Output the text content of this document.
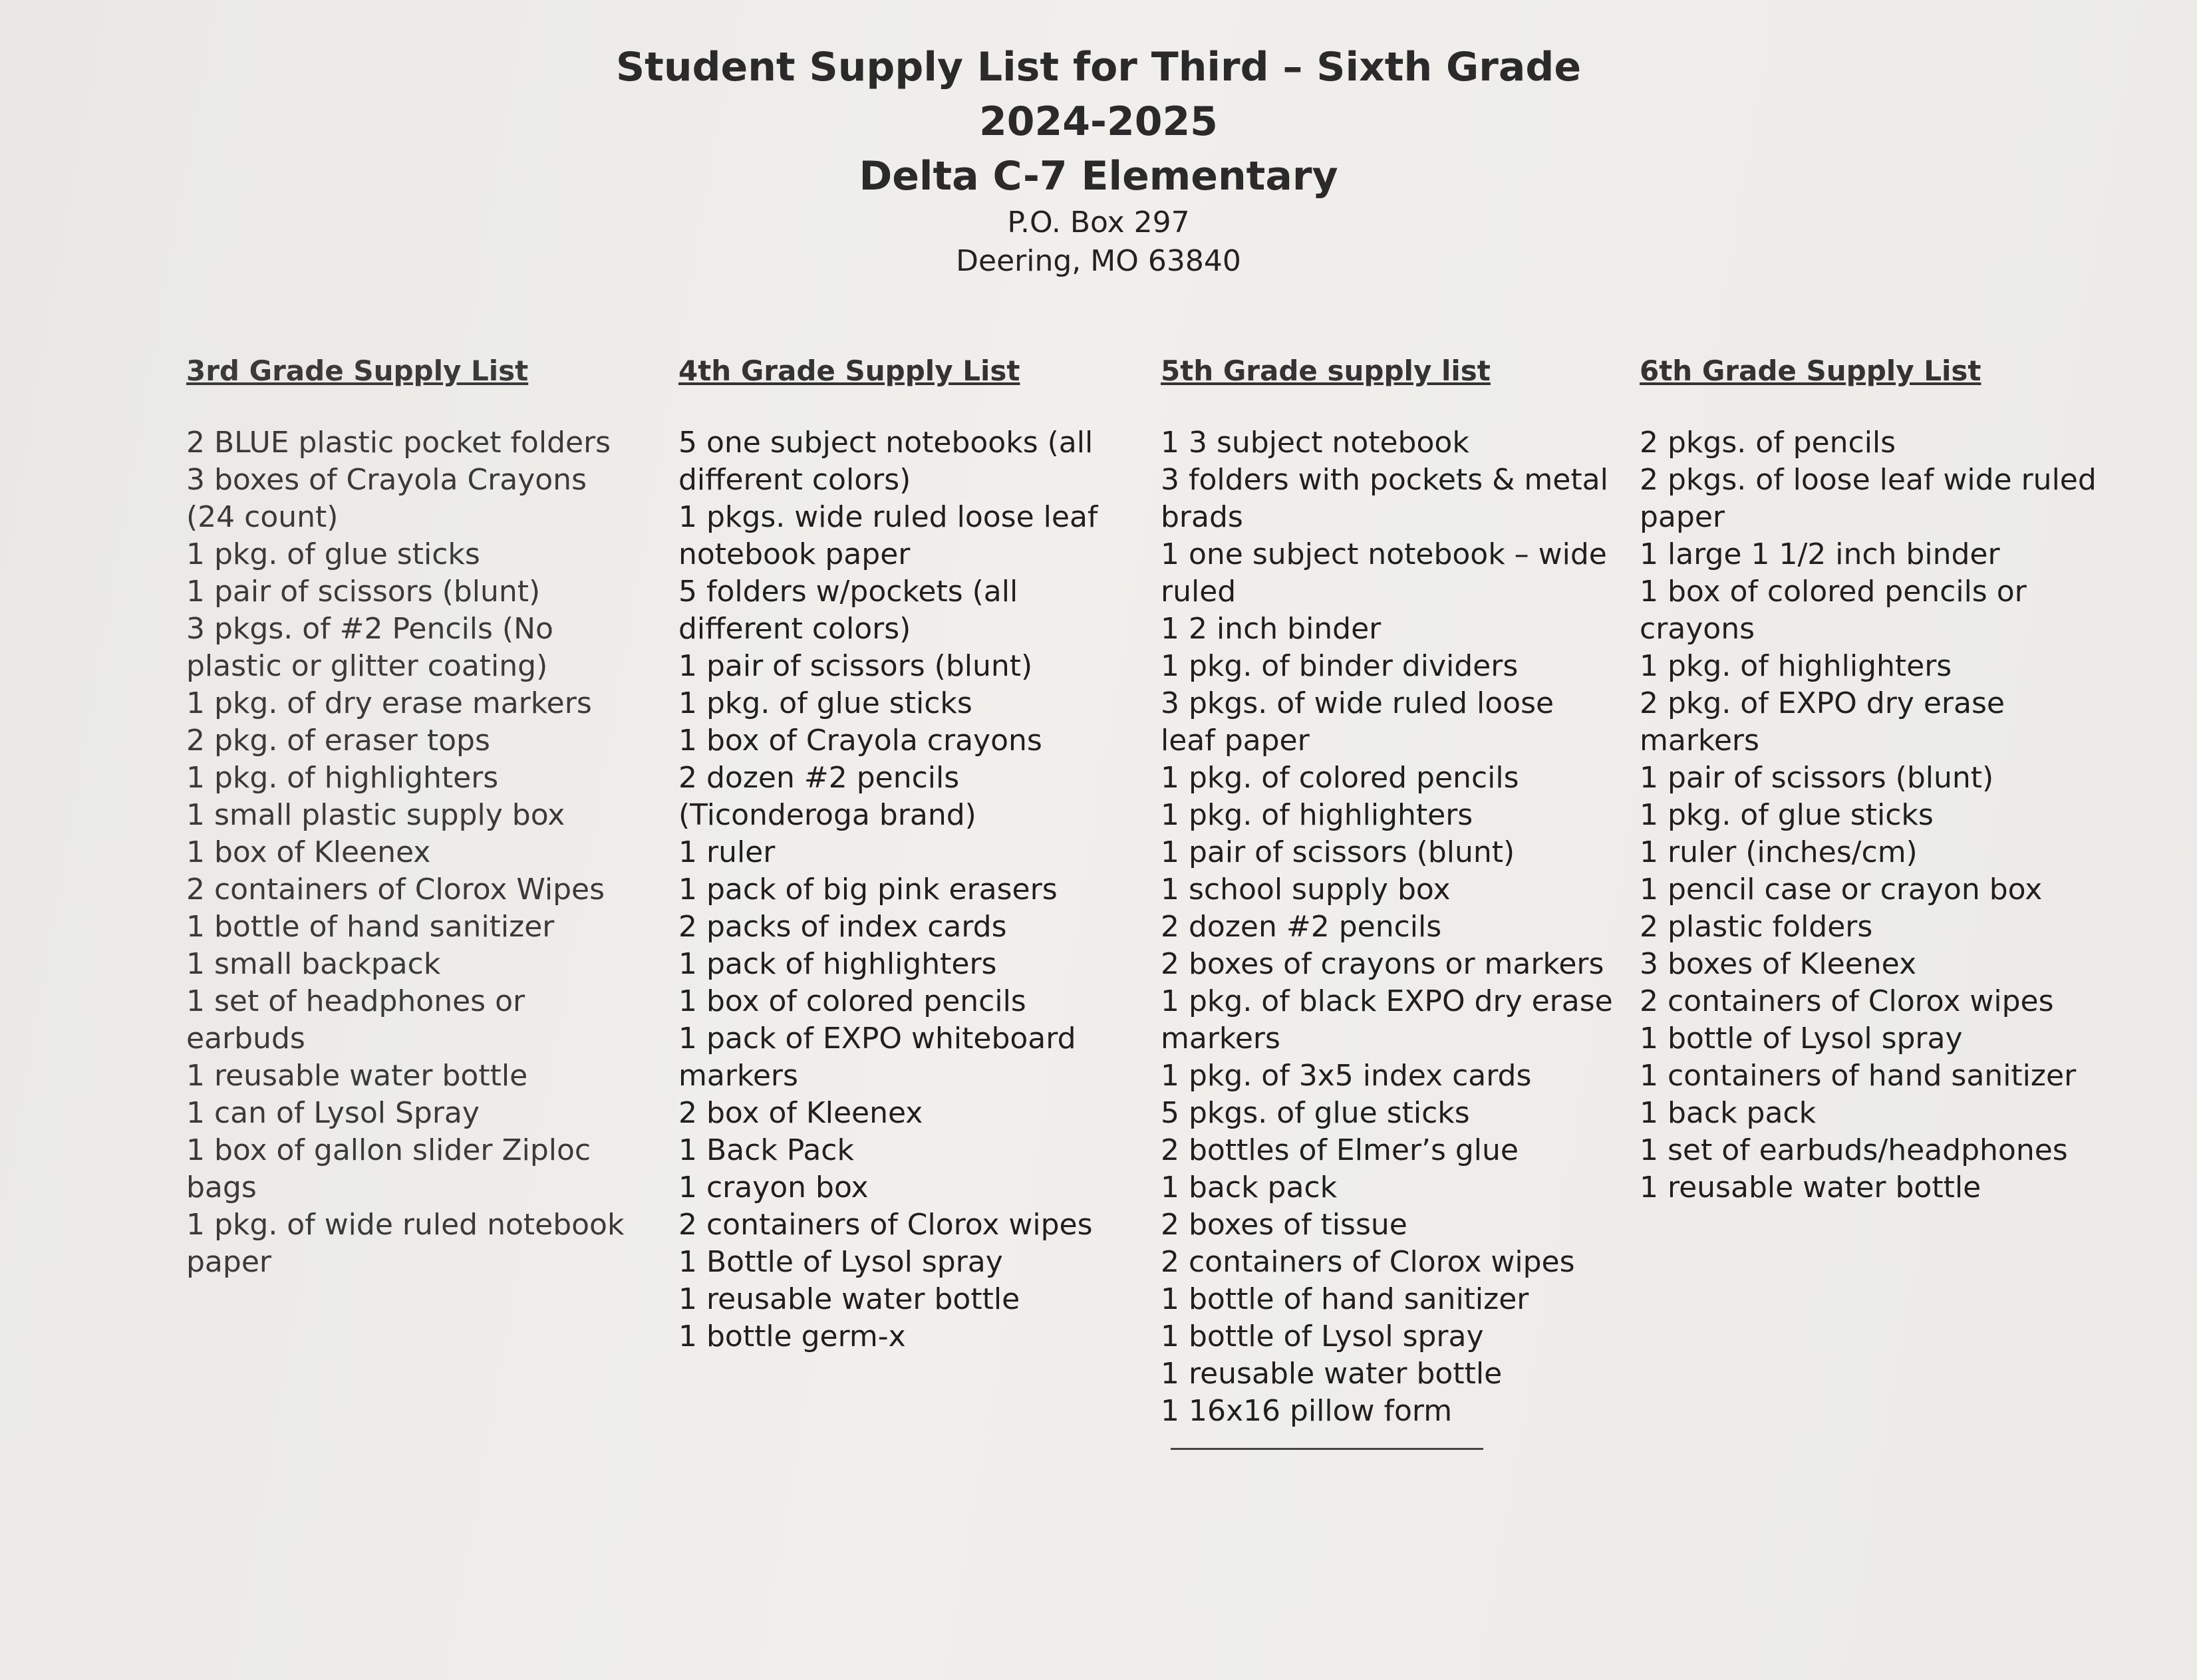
Student Supply List for Third – Sixth Grade
2024-2025
Delta C-7 Elementary
P.O. Box 297
Deering, MO 63840
3rd Grade Supply List
2 BLUE plastic pocket folders
3 boxes of Crayola Crayons (24 count)
1 pkg. of glue sticks
1 pair of scissors (blunt)
3 pkgs. of #2 Pencils (No plastic or glitter coating)
1 pkg. of dry erase markers
2 pkg. of eraser tops
1 pkg. of highlighters
1 small plastic supply box
1 box of Kleenex
2 containers of Clorox Wipes
1 bottle of hand sanitizer
1 small backpack
1 set of headphones or earbuds
1 reusable water bottle
1 can of Lysol Spray
1 box of gallon slider Ziploc bags
1 pkg. of wide ruled notebook paper
4th Grade Supply List
5 one subject notebooks (all different colors)
1 pkgs. wide ruled loose leaf notebook paper
5 folders w/pockets (all different colors)
1 pair of scissors (blunt)
1 pkg. of glue sticks
1 box of Crayola crayons
2 dozen #2 pencils (Ticonderoga brand)
1 ruler
1 pack of big pink erasers
2 packs of index cards
1 pack of highlighters
1 box of colored pencils
1 pack of EXPO whiteboard markers
2 box of Kleenex
1 Back Pack
1 crayon box
2 containers of Clorox wipes
1 Bottle of Lysol spray
1 reusable water bottle
1 bottle germ-x
5th Grade supply list
1 3 subject notebook
3 folders with pockets & metal brads
1 one subject notebook – wide ruled
1 2 inch binder
1 pkg. of binder dividers
3 pkgs. of wide ruled loose leaf paper
1 pkg. of colored pencils
1 pkg. of highlighters
1 pair of scissors (blunt)
1 school supply box
2 dozen #2 pencils
2 boxes of crayons or markers
1 pkg. of black EXPO dry erase markers
1 pkg. of 3x5 index cards
5 pkgs. of glue sticks
2 bottles of Elmer’s glue
1 back pack
2 boxes of tissue
2 containers of Clorox wipes
1 bottle of hand sanitizer
1 bottle of Lysol spray
1 reusable water bottle
1 16x16 pillow form
6th Grade Supply List
2 pkgs. of pencils
2 pkgs. of loose leaf wide ruled paper
1 large 1 1/2 inch binder
1 box of colored pencils or crayons
1 pkg. of highlighters
2 pkg. of EXPO dry erase markers
1 pair of scissors (blunt)
1 pkg. of glue sticks
1 ruler (inches/cm)
1 pencil case or crayon box
2 plastic folders
3 boxes of Kleenex
2 containers of Clorox wipes
1 bottle of Lysol spray
1 containers of hand sanitizer
1 back pack
1 set of earbuds/headphones
1 reusable water bottle
